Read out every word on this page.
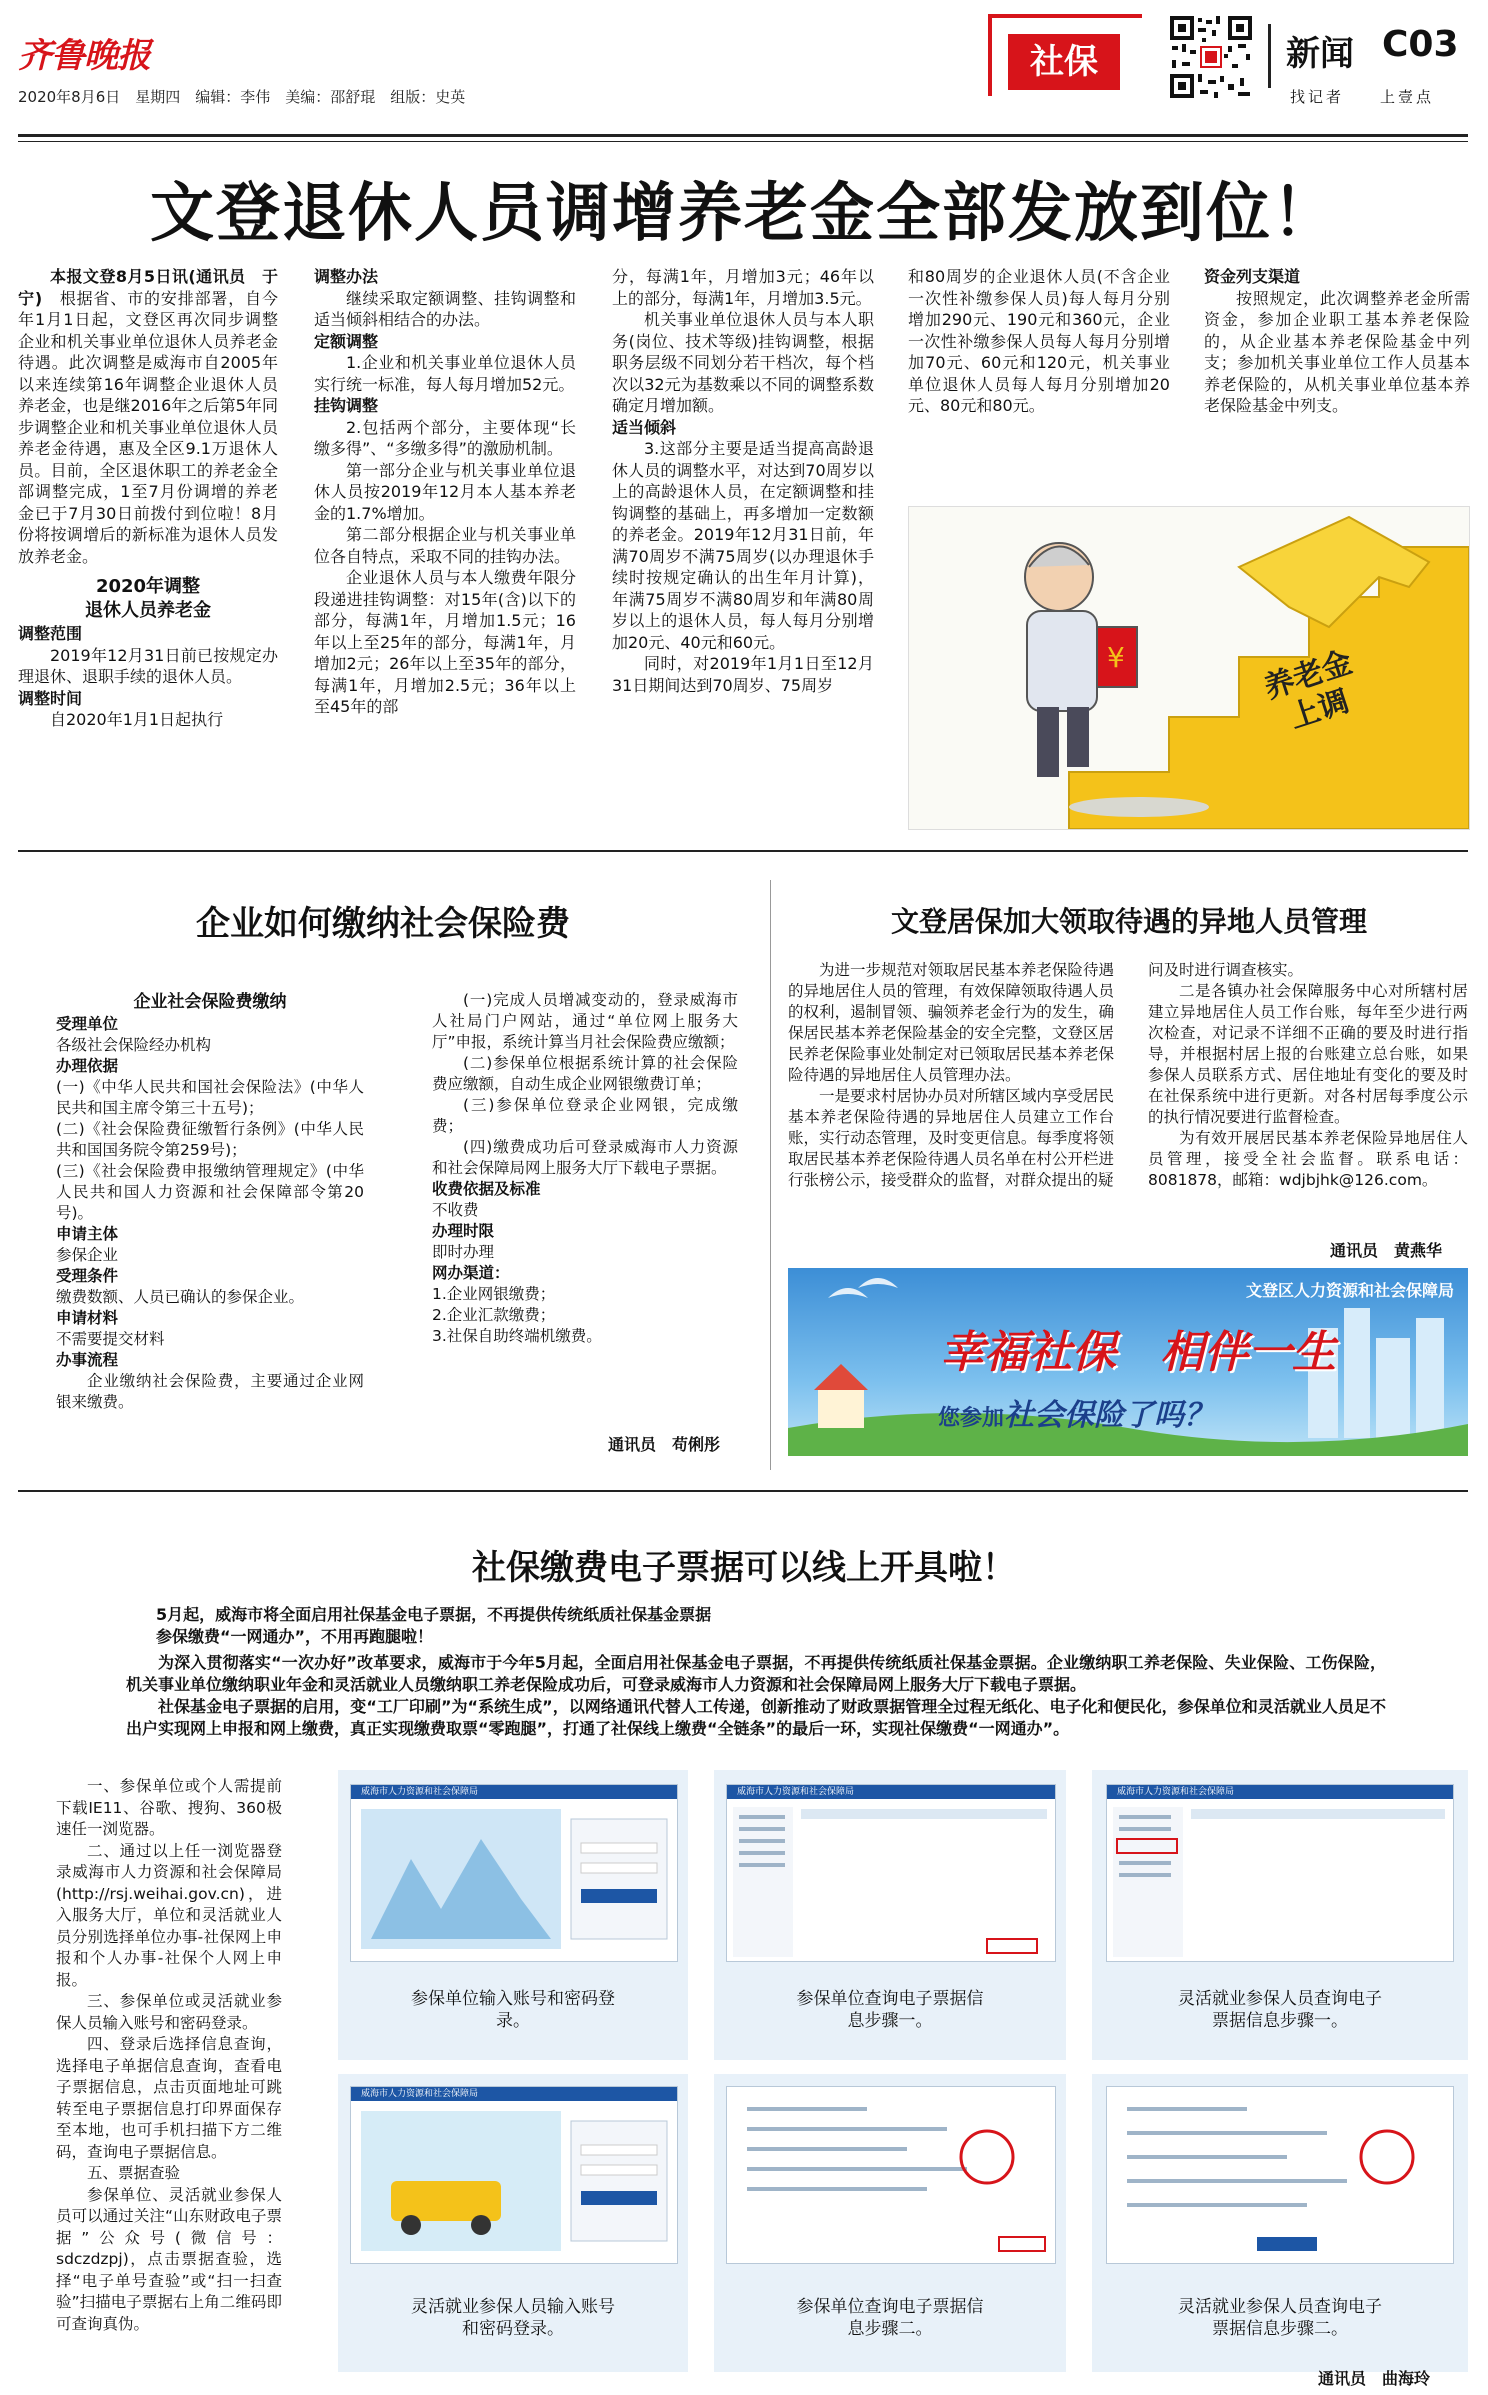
齐鲁晚报
2020年8月6日　星期四　编辑：李伟　美编：邵舒琨　组版：史英
社保	新闻 C03
找记者　　上壹点
文登退休人员调增养老金全部发放到位！

本报文登8月5日讯(通讯员　于宁)　 根据省、市的安排部署，自今年1月1日起，文登区再次同步调整企业和机关事业单位退休人员养老金待遇。此次调整是威海市自2005年以来连续第16年调整企业退休人员养老金，也是继2016年之后第5年同步调整企业和机关事业单位退休人员养老金待遇，惠及全区9.1万退休人员。目前，全区退休职工的养老金全部调整完成，1至7月份调增的养老金已于7月30日前拨付到位啦！8月份将按调增后的新标准为退休人员发放养老金。

2020年调整
退休人员养老金

调整范围

2019年12月31日前已按规定办理退休、退职手续的退休人员。

调整时间

自2020年1月1日起执行

调整办法

继续采取定额调整、挂钩调整和适当倾斜相结合的办法。

定额调整

1.企业和机关事业单位退休人员实行统一标准，每人每月增加52元。

挂钩调整

2.包括两个部分，主要体现“长缴多得”、“多缴多得”的激励机制。

第一部分企业与机关事业单位退休人员按2019年12月本人基本养老金的1.7%增加。

第二部分根据企业与机关事业单位各自特点，采取不同的挂钩办法。

企业退休人员与本人缴费年限分段递进挂钩调整：对15年(含)以下的部分，每满1年，月增加1.5元；16年以上至25年的部分，每满1年，月增加2元；26年以上至35年的部分，每满1年，月增加2.5元；36年以上至45年的部

分，每满1年，月增加3元；46年以上的部分，每满1年，月增加3.5元。

机关事业单位退休人员与本人职务(岗位、技术等级)挂钩调整，根据职务层级不同划分若干档次，每个档次以32元为基数乘以不同的调整系数确定月增加额。

适当倾斜

3.这部分主要是适当提高高龄退休人员的调整水平，对达到70周岁以上的高龄退休人员，在定额调整和挂钩调整的基础上，再多增加一定数额的养老金。2019年12月31日前，年满70周岁不满75周岁(以办理退休手续时按规定确认的出生年月计算)，年满75周岁不满80周岁和年满80周岁以上的退休人员，每人每月分别增加20元、40元和60元。

同时，对2019年1月1日至12月31日期间达到70周岁、75周岁

和80周岁的企业退休人员(不含企业一次性补缴参保人员)每人每月分别增加290元、190元和360元，企业一次性补缴参保人员每人每月分别增加70元、60元和120元，机关事业单位退休人员每人每月分别增加20元、80元和80元。

资金列支渠道

按照规定，此次调整养老金所需资金，参加企业职工基本养老保险的，从企业基本养老保险基金中列支；参加机关事业单位工作人员基本养老保险的，从机关事业单位基本养老保险基金中列支。

¥	养老金上调
企业如何缴纳社会保险费

企业社会保险费缴纳

受理单位

各级社会保险经办机构

办理依据

(一)《中华人民共和国社会保险法》(中华人民共和国主席令第三十五号)；

(二)《社会保险费征缴暂行条例》(中华人民共和国国务院令第259号)；

(三)《社会保险费申报缴纳管理规定》(中华人民共和国人力资源和社会保障部令第20号)。

申请主体

参保企业

受理条件

缴费数额、人员已确认的参保企业。

申请材料

不需要提交材料

办事流程

企业缴纳社会保险费，主要通过企业网银来缴费。

(一)完成人员增减变动的，登录威海市人社局门户网站，通过“单位网上服务大厅”申报，系统计算当月社会保险费应缴额；

(二)参保单位根据系统计算的社会保险费应缴额，自动生成企业网银缴费订单；

(三)参保单位登录企业网银，完成缴费；

(四)缴费成功后可登录威海市人力资源和社会保障局网上服务大厅下载电子票据。

收费依据及标准

不收费

办理时限

即时办理

网办渠道：

1.企业网银缴费；

2.企业汇款缴费；

3.社保自助终端机缴费。

通讯员　苟俐彤
文登居保加大领取待遇的异地人员管理

为进一步规范对领取居民基本养老保险待遇的异地居住人员的管理，有效保障领取待遇人员的权利，遏制冒领、骗领养老金行为的发生，确保居民基本养老保险基金的安全完整，文登区居民养老保险事业处制定对已领取居民基本养老保险待遇的异地居住人员管理办法。

一是要求村居协办员对所辖区域内享受居民基本养老保险待遇的异地居住人员建立工作台账，实行动态管理，及时变更信息。每季度将领取居民基本养老保险待遇人员名单在村公开栏进行张榜公示，接受群众的监督，对群众提出的疑

问及时进行调查核实。

二是各镇办社会保障服务中心对所辖村居建立异地居住人员工作台账，每年至少进行两次检查，对记录不详细不正确的要及时进行指导，并根据村居上报的台账建立总台账，如果参保人员联系方式、居住地址有变化的要及时在社保系统中进行更新。对各村居每季度公示的执行情况要进行监督检查。

为有效开展居民基本养老保险异地居住人员管理，接受全社会监督。联系电话：8081878，邮箱：wdjbjhk@126.com。

通讯员　黄燕华
文登区人力资源和社会保障局
幸福社保　相伴一生
您参加社会保险了吗？
社保缴费电子票据可以线上开具啦！
5月起，威海市将全面启用社保基金电子票据，不再提供传统纸质社保基金票据
参保缴费“一网通办”，不用再跑腿啦！

为深入贯彻落实“一次办好”改革要求，威海市于今年5月起，全面启用社保基金电子票据，不再提供传统纸质社保基金票据。企业缴纳职工养老保险、失业保险、工伤保险，机关事业单位缴纳职业年金和灵活就业人员缴纳职工养老保险成功后，可登录威海市人力资源和社会保障局网上服务大厅下载电子票据。

社保基金电子票据的启用，变“工厂印刷”为“系统生成”，以网络通讯代替人工传递，创新推动了财政票据管理全过程无纸化、电子化和便民化，参保单位和灵活就业人员足不出户实现网上申报和网上缴费，真正实现缴费取票“零跑腿”，打通了社保线上缴费“全链条”的最后一环，实现社保缴费“一网通办”。

一、参保单位或个人需提前下载IE11、谷歌、搜狗、360极速任一浏览器。

二、通过以上任一浏览器登录威海市人力资源和社会保障局(http://rsj.weihai.gov.cn)，进入服务大厅，单位和灵活就业人员分别选择单位办事-社保网上申报和个人办事-社保个人网上申报。

三、参保单位或灵活就业参保人员输入账号和密码登录。

四、登录后选择信息查询，选择电子单据信息查询，查看电子票据信息，点击页面地址可跳转至电子票据信息打印界面保存至本地，也可手机扫描下方二维码，查询电子票据信息。

五、票据查验

参保单位、灵活就业参保人员可以通过关注“山东财政电子票据”公众号(微信号：sdczdzpj)，点击票据查验，选择“电子单号查验”或“扫一扫查验”扫描电子票据右上角二维码即可查询真伪。

威海市人力资源和社会保障局
参保单位输入账号和密码登录。
威海市人力资源和社会保障局
参保单位查询电子票据信息步骤一。
威海市人力资源和社会保障局
灵活就业参保人员查询电子票据信息步骤一。
威海市人力资源和社会保障局
灵活就业参保人员输入账号和密码登录。
参保单位查询电子票据信息步骤二。
灵活就业参保人员查询电子票据信息步骤二。
通讯员　曲海玲
